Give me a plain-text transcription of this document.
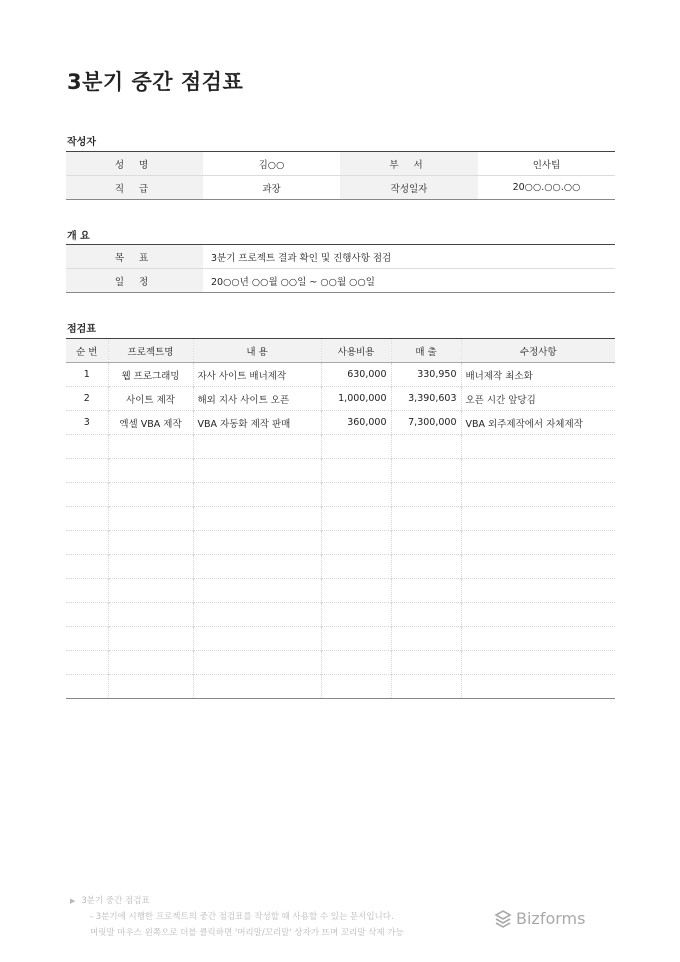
3분기 중간 점검표
작성자
성 명	김○○	부 서	인사팀
직 급	과장	작성일자	20○○.○○.○○
개 요
목 표	3분기 프로젝트 결과 확인 및 진행사항 점검
일 정	20○○년 ○○월 ○○일 ~ ○○월 ○○일
점검표
순 번	프로젝트명	내 용	사용비용	매 출	수정사항
1	웹 프로그래밍	자사 사이트 배너제작	630,000	330,950	배너제작 최소화
2	사이트 제작	해외 지사 사이트 오픈	1,000,000	3,390,603	오픈 시간 앞당김
3	엑셀 VBA 제작	VBA 자동화 제작 판매	360,000	7,300,000	VBA 외주제작에서 자체제작

▶ 3분기 중간 점검표
- 3분기에 시행한 프로젝트의 중간 점검표를 작성할 때 사용할 수 있는 문서입니다.
머릿말 마우스 왼쪽으로 더블 클릭하면 '머리말/꼬리말' 상자가 뜨며 꼬리말 삭제 가능
Bizforms
